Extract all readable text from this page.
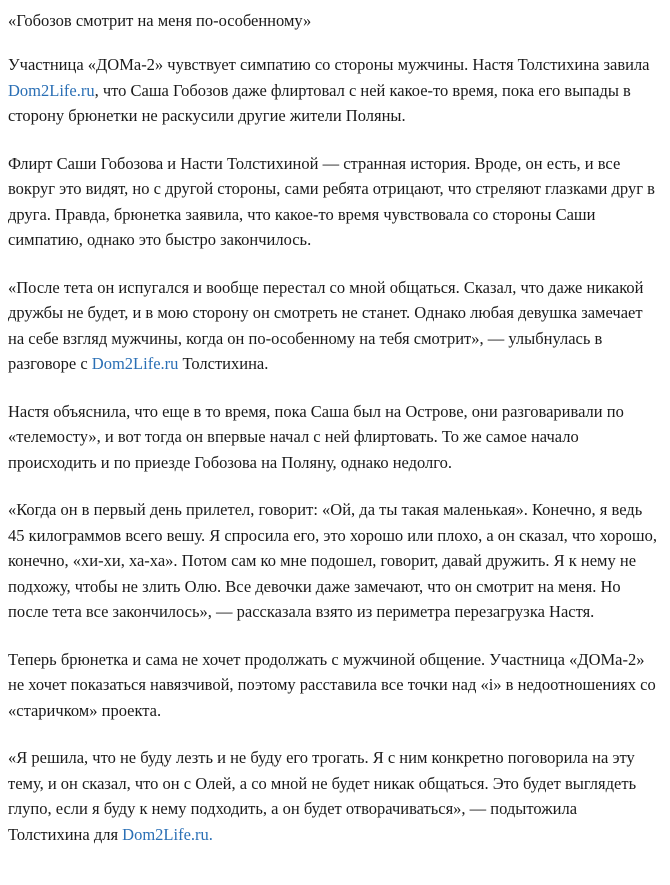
«Гобозов смотрит на меня по-особенному»

Участница «ДОМа-2» чувствует симпатию со стороны мужчины. Настя Толстихина завила Dom2Life.ru, что Саша Гобозов даже флиртовал с ней какое-то время, пока его выпады в сторону брюнетки не раскусили другие жители Поляны.

Флирт Саши Гобозова и Насти Толстихиной — странная история. Вроде, он есть, и все вокруг это видят, но с другой стороны, сами ребята отрицают, что стреляют глазками друг в друга. Правда, брюнетка заявила, что какое-то время чувствовала со стороны Саши симпатию, однако это быстро закончилось.

«После тета он испугался и вообще перестал со мной общаться. Сказал, что даже никакой дружбы не будет, и в мою сторону он смотреть не станет. Однако любая девушка замечает на себе взгляд мужчины, когда он по-особенному на тебя смотрит», — улыбнулась в разговоре с Dom2Life.ru Толстихина.

Настя объяснила, что еще в то время, пока Саша был на Острове, они разговаривали по «телемосту», и вот тогда он впервые начал с ней флиртовать. То же самое начало происходить и по приезде Гобозова на Поляну, однако недолго.

«Когда он в первый день прилетел, говорит: «Ой, да ты такая маленькая». Конечно, я ведь 45 килограммов всего вешу. Я спросила его, это хорошо или плохо, а он сказал, что хорошо, конечно, «хи-хи, ха-ха». Потом сам ко мне подошел, говорит, давай дружить. Я к нему не подхожу, чтобы не злить Олю. Все девочки даже замечают, что он смотрит на меня. Но после тета все закончилось», — рассказала взято из периметра перезагрузка Настя.

Теперь брюнетка и сама не хочет продолжать с мужчиной общение. Участница «ДОМа-2» не хочет показаться навязчивой, поэтому расставила все точки над «i» в недоотношениях со «старичком» проекта.

«Я решила, что не буду лезть и не буду его трогать. Я с ним конкретно поговорила на эту тему, и он сказал, что он с Олей, а со мной не будет никак общаться. Это будет выглядеть глупо, если я буду к нему подходить, а он будет отворачиваться», — подытожила Толстихина для Dom2Life.ru.
